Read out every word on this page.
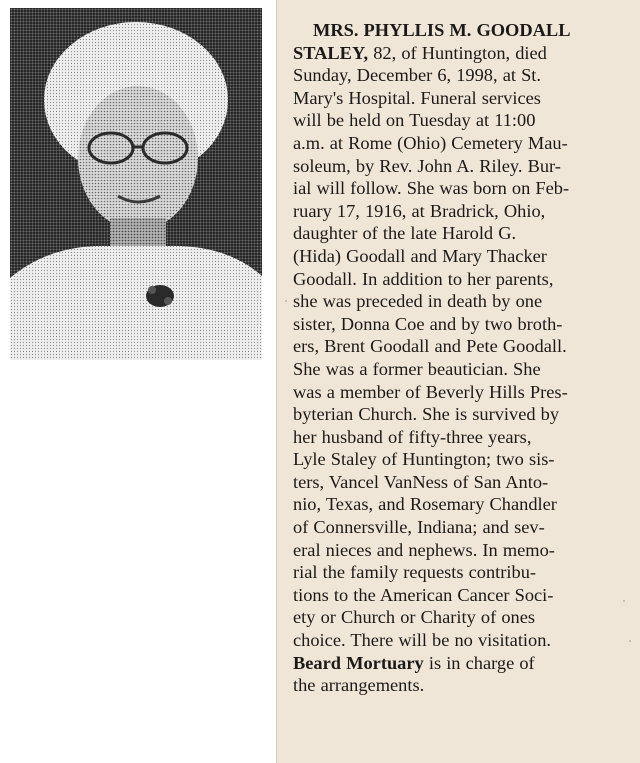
MRS. PHYLLIS M. GOODALL
STALEY, 82, of Huntington, died
Sunday, December 6, 1998, at St.
Mary's Hospital. Funeral services
will be held on Tuesday at 11:00
a.m. at Rome (Ohio) Cemetery Mau-
soleum, by Rev. John A. Riley. Bur-
ial will follow. She was born on Feb-
ruary 17, 1916, at Bradrick, Ohio,
daughter of the late Harold G.
(Hida) Goodall and Mary Thacker
Goodall. In addition to her parents,
she was preceded in death by one
sister, Donna Coe and by two broth-
ers, Brent Goodall and Pete Goodall.
She was a former beautician. She
was a member of Beverly Hills Pres-
byterian Church. She is survived by
her husband of fifty-three years,
Lyle Staley of Huntington; two sis-
ters, Vancel VanNess of San Anto-
nio, Texas, and Rosemary Chandler
of Connersville, Indiana; and sev-
eral nieces and nephews. In memo-
rial the family requests contribu-
tions to the American Cancer Soci-
ety or Church or Charity of ones
choice. There will be no visitation.
Beard Mortuary is in charge of
the arrangements.
